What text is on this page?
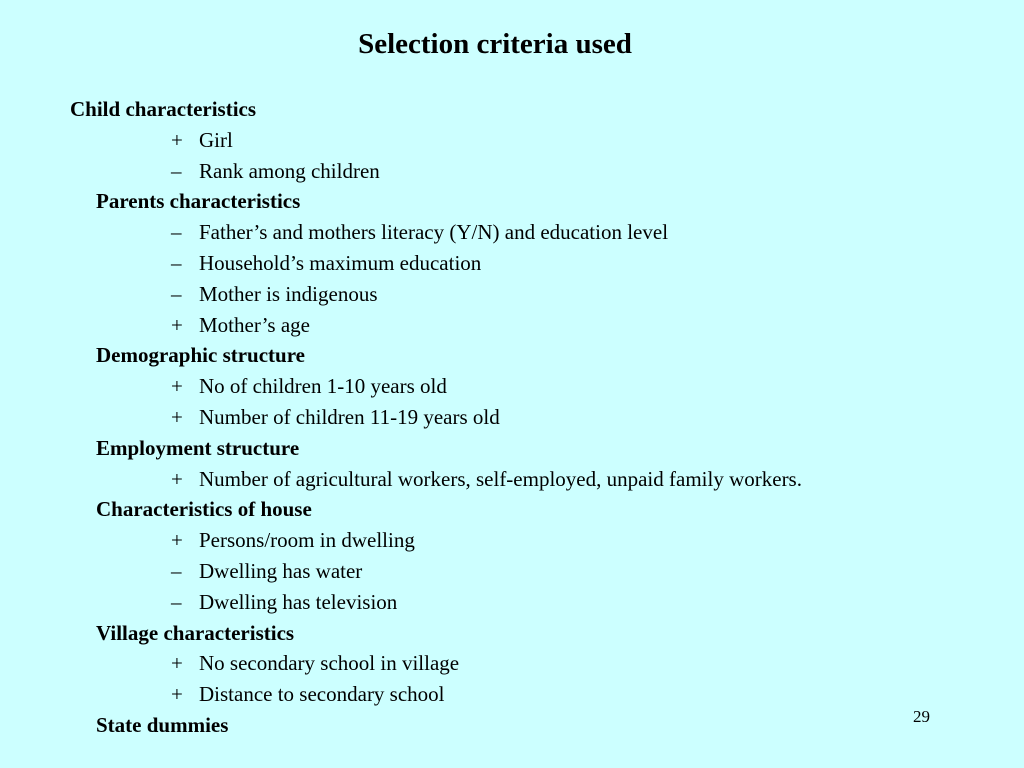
Selection criteria used
Child characteristics
+ Girl
– Rank among children
Parents characteristics
– Father’s and mothers literacy (Y/N) and education level
– Household’s maximum education
– Mother is indigenous
+ Mother’s age
Demographic structure
+ No of children 1-10 years old
+ Number of children 11-19 years old
Employment structure
+ Number of agricultural workers, self-employed, unpaid family workers.
Characteristics of house
+ Persons/room in dwelling
– Dwelling has water
– Dwelling has television
Village characteristics
+ No secondary school in village
+ Distance to secondary school
State dummies	29
